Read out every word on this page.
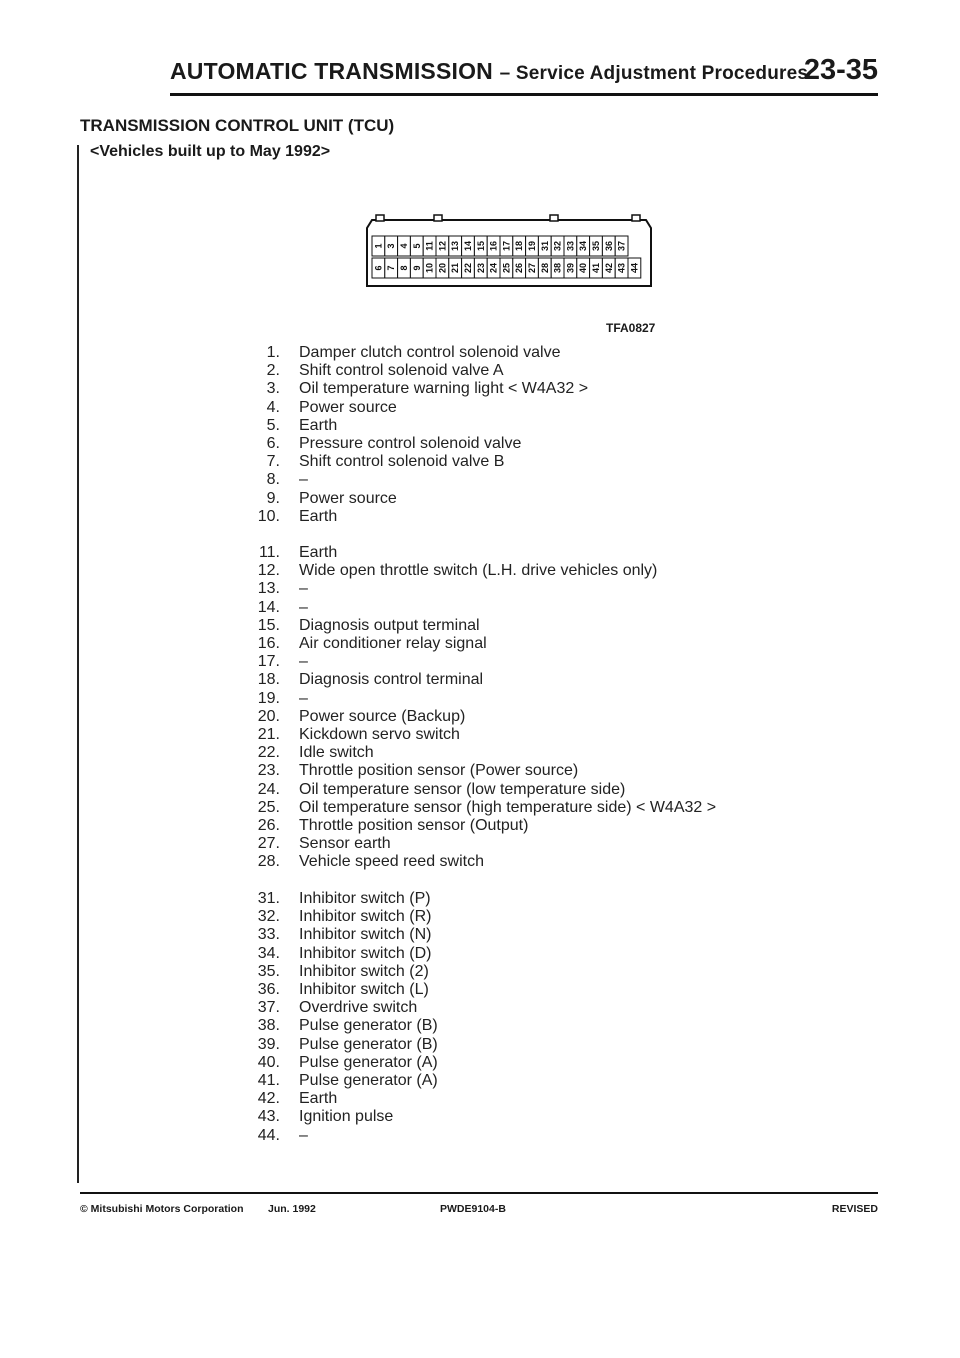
AUTOMATIC TRANSMISSION – Service Adjustment Procedures
23-35
TRANSMISSION CONTROL UNIT (TCU)
<Vehicles built up to May 1992>
1 3 4 5 11 12 13 14 15 16 17 18 19 31 32 33 34 35 36 37
6 7 8 9 10 20 21 22 23 24 25 26 27 28 38 39 40 41 42 43 44
TFA0827
1. Damper clutch control solenoid valve
2. Shift control solenoid valve A
3. Oil temperature warning light < W4A32 >
4. Power source
5. Earth
6. Pressure control solenoid valve
7. Shift control solenoid valve B
8. –
9. Power source
10. Earth
11. Earth
12. Wide open throttle switch (L.H. drive vehicles only)
13. –
14. –
15. Diagnosis output terminal
16. Air conditioner relay signal
17. –
18. Diagnosis control terminal
19. –
20. Power source (Backup)
21. Kickdown servo switch
22. Idle switch
23. Throttle position sensor (Power source)
24. Oil temperature sensor (low temperature side)
25. Oil temperature sensor (high temperature side) < W4A32 >
26. Throttle position sensor (Output)
27. Sensor earth
28. Vehicle speed reed switch
31. Inhibitor switch (P)
32. Inhibitor switch (R)
33. Inhibitor switch (N)
34. Inhibitor switch (D)
35. Inhibitor switch (2)
36. Inhibitor switch (L)
37. Overdrive switch
38. Pulse generator (B)
39. Pulse generator (B)
40. Pulse generator (A)
41. Pulse generator (A)
42. Earth
43. Ignition pulse
44. –
© Mitsubishi Motors Corporation Jun. 1992	PWDE9104-B	REVISED
